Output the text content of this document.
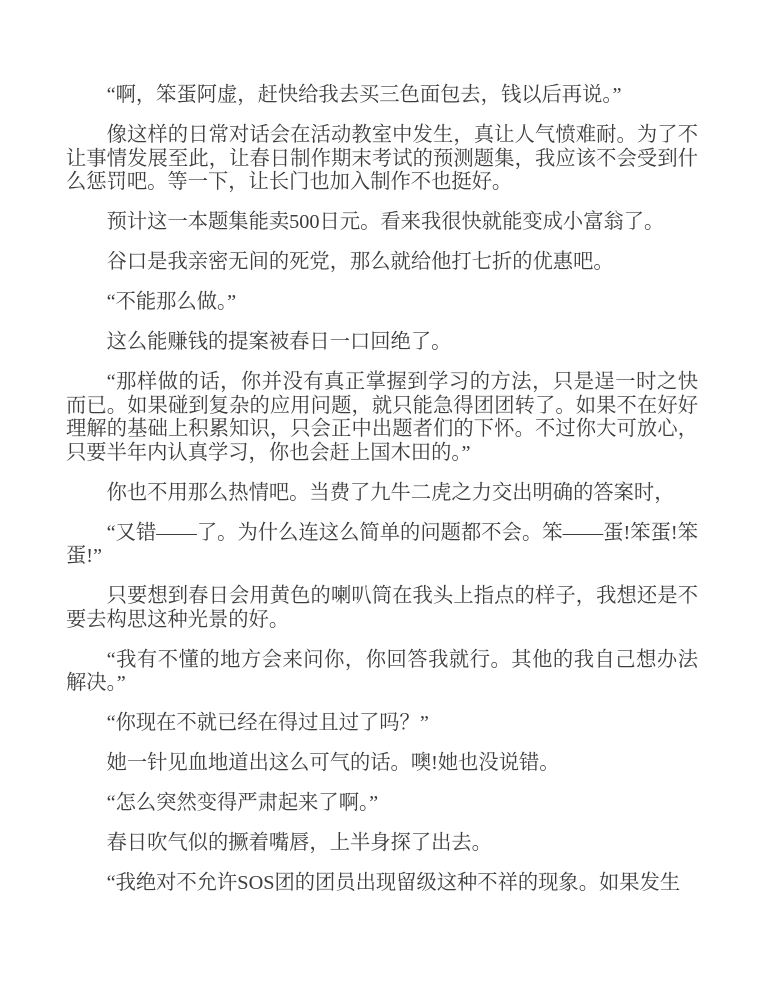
“啊，笨蛋阿虚，赶快给我去买三色面包去，钱以后再说。”

像这样的日常对话会在活动教室中发生，真让人气愤难耐。为了不让事情发展至此，让春日制作期末考试的预测题集，我应该不会受到什么惩罚吧。等一下，让长门也加入制作不也挺好。

预计这一本题集能卖500日元。看来我很快就能变成小富翁了。

谷口是我亲密无间的死党，那么就给他打七折的优惠吧。

“不能那么做。”

这么能赚钱的提案被春日一口回绝了。

“那样做的话，你并没有真正掌握到学习的方法，只是逞一时之快而已。如果碰到复杂的应用问题，就只能急得团团转了。如果不在好好理解的基础上积累知识，只会正中出题者们的下怀。不过你大可放心，只要半年内认真学习，你也会赶上国木田的。”

你也不用那么热情吧。当费了九牛二虎之力交出明确的答案时，

“又错——了。为什么连这么简单的问题都不会。笨——蛋!笨蛋!笨蛋!”

只要想到春日会用黄色的喇叭筒在我头上指点的样子，我想还是不要去构思这种光景的好。

“我有不懂的地方会来问你，你回答我就行。其他的我自己想办法解决。”

“你现在不就已经在得过且过了吗？”

她一针见血地道出这么可气的话。噢!她也没说错。

“怎么突然变得严肃起来了啊。”

春日吹气似的撅着嘴唇，上半身探了出去。

“我绝对不允许SOS团的团员出现留级这种不祥的现象。如果发生
